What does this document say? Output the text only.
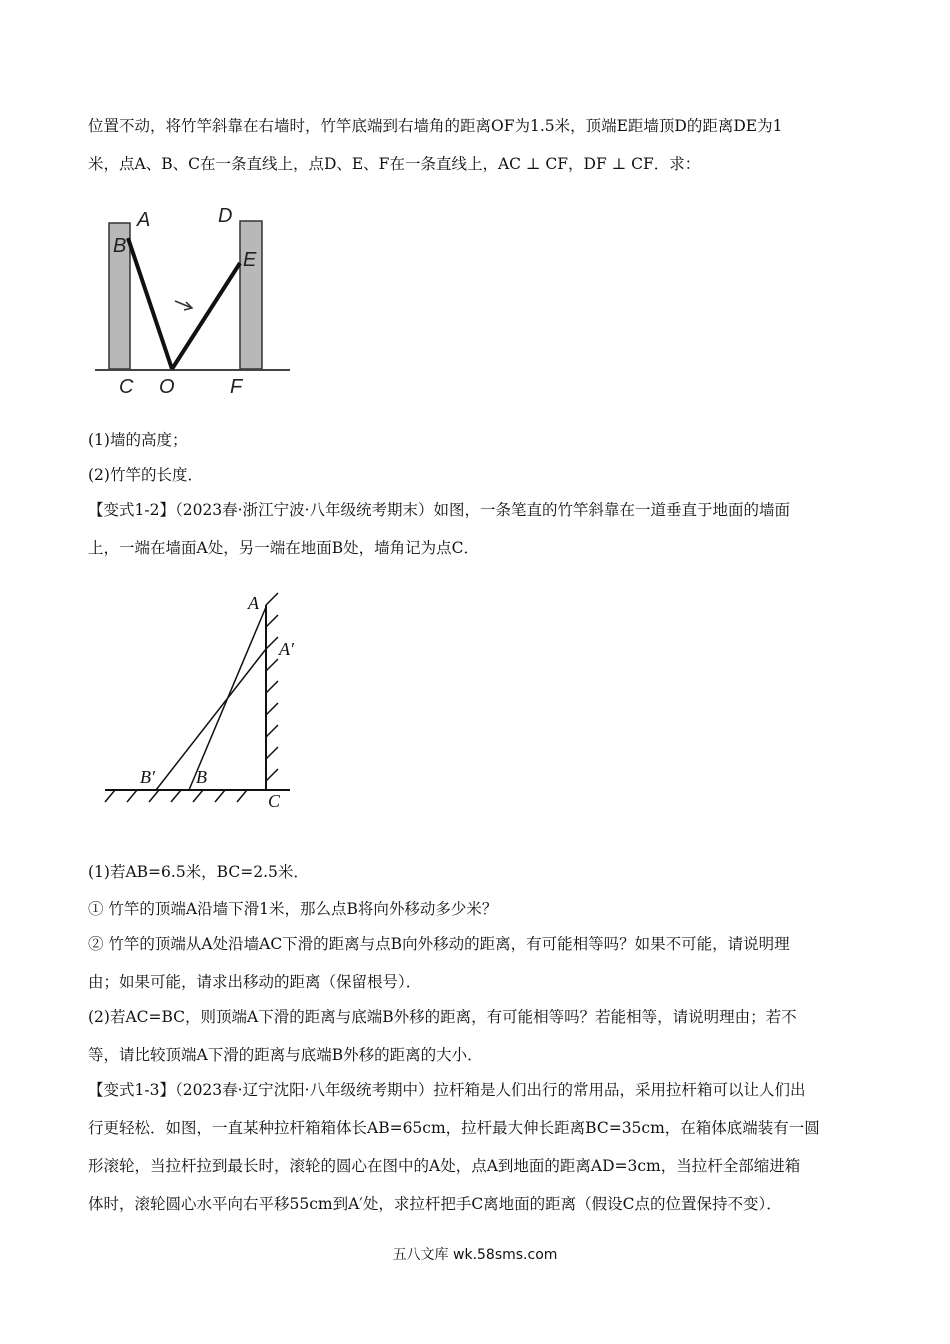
位置不动，将竹竿斜靠在右墙时，竹竿底端到右墙角的距离OF为1.5米，顶端E距墙顶D的距离DE为1
米，点A、B、C在一条直线上，点D、E、F在一条直线上，AC ⊥ CF，DF ⊥ CF．求：
A
B
C
D
E
F
O
(1)墙的高度；
(2)竹竿的长度．
【变式1-2】（2023春·浙江宁波·八年级统考期末）如图，一条笔直的竹竿斜靠在一道垂直于地面的墙面
上，一端在墙面A处，另一端在地面B处，墙角记为点C．
A
A′
B
B′
C
(1)若AB=6.5米，BC=2.5米．
① 竹竿的顶端A沿墙下滑1米，那么点B将向外移动多少米？
② 竹竿的顶端从A处沿墙AC下滑的距离与点B向外移动的距离，有可能相等吗？如果不可能，请说明理
由；如果可能，请求出移动的距离（保留根号）．
(2)若AC=BC，则顶端A下滑的距离与底端B外移的距离，有可能相等吗？若能相等，请说明理由；若不
等，请比较顶端A下滑的距离与底端B外移的距离的大小．
【变式1-3】（2023春·辽宁沈阳·八年级统考期中）拉杆箱是人们出行的常用品，采用拉杆箱可以让人们出
行更轻松．如图，一直某种拉杆箱箱体长AB=65cm，拉杆最大伸长距离BC=35cm，在箱体底端装有一圆
形滚轮，当拉杆拉到最长时，滚轮的圆心在图中的A处，点A到地面的距离AD=3cm，当拉杆全部缩进箱
体时，滚轮圆心水平向右平移55cm到A′处，求拉杆把手C离地面的距离（假设C点的位置保持不变）．
五八文库 wk.58sms.com
